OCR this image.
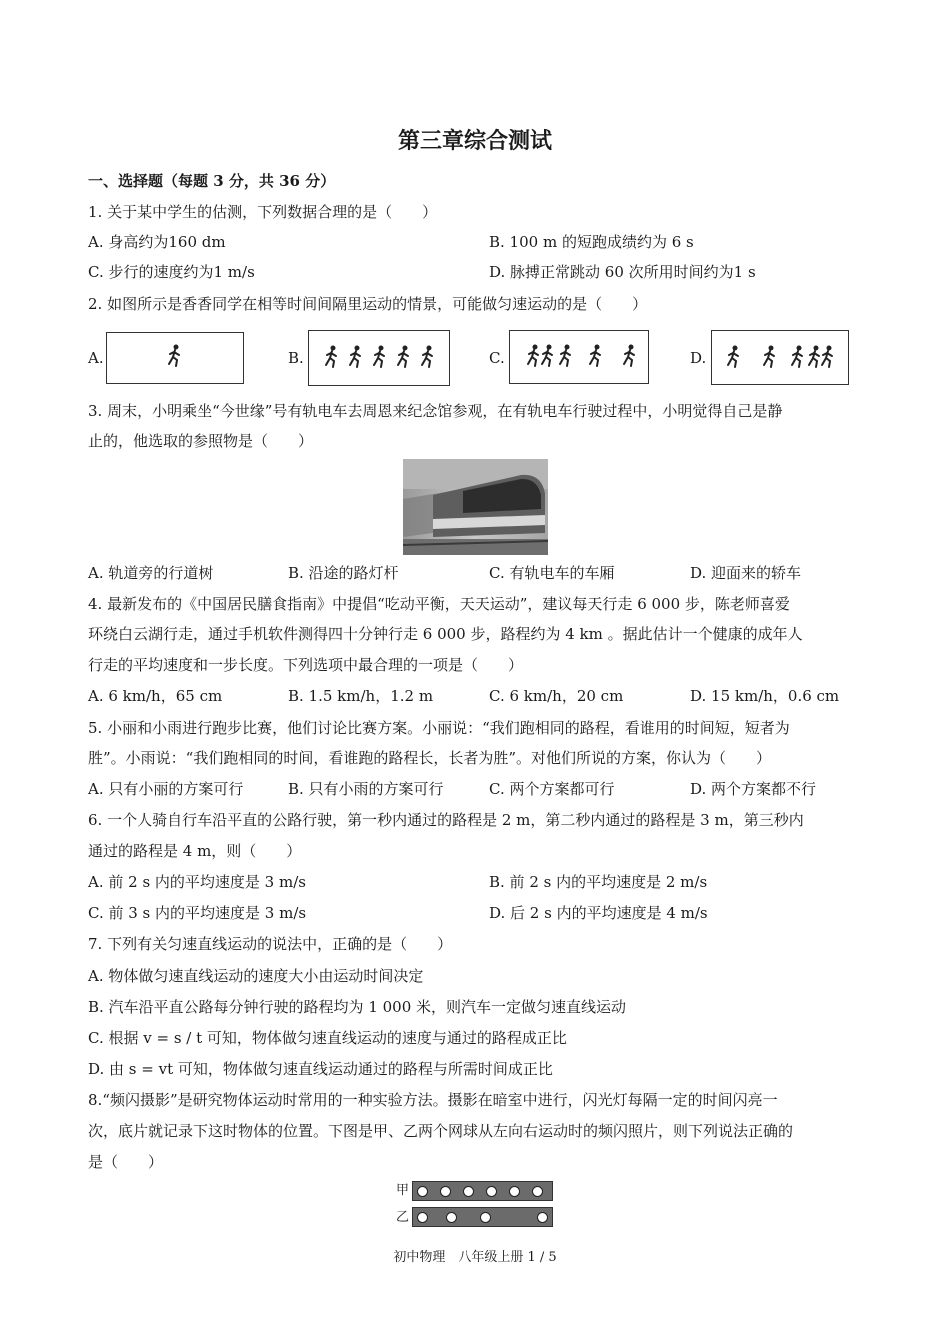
第三章综合测试
一、选择题（每题 3 分，共 36 分）
1. 关于某中学生的估测，下列数据合理的是（　　）
A. 身高约为160 dm	B. 100 m 的短跑成绩约为 6 s
C. 步行的速度约为1 m/s	D. 脉搏正常跳动 60 次所用时间约为1 s
2. 如图所示是香香同学在相等时间间隔里运动的情景，可能做匀速运动的是（　　）
A.	B.	C.	D.
3. 周末，小明乘坐“今世缘”号有轨电车去周恩来纪念馆参观，在有轨电车行驶过程中，小明觉得自己是静
止的，他选取的参照物是（　　）
A. 轨道旁的行道树	B. 沿途的路灯杆	C. 有轨电车的车厢	D. 迎面来的轿车
4. 最新发布的《中国居民膳食指南》中提倡“吃动平衡，天天运动”，建议每天行走 6 000 步，陈老师喜爱
环绕白云湖行走，通过手机软件测得四十分钟行走 6 000 步，路程约为 4 km 。据此估计一个健康的成年人
行走的平均速度和一步长度。下列选项中最合理的一项是（　　）
A. 6 km/h，65 cm	B. 1.5 km/h，1.2 m	C. 6 km/h，20 cm	D. 15 km/h，0.6 cm
5. 小丽和小雨进行跑步比赛，他们讨论比赛方案。小丽说：“我们跑相同的路程，看谁用的时间短，短者为
胜”。小雨说：“我们跑相同的时间，看谁跑的路程长，长者为胜”。对他们所说的方案，你认为（　　）
A. 只有小丽的方案可行	B. 只有小雨的方案可行	C. 两个方案都可行	D. 两个方案都不行
6. 一个人骑自行车沿平直的公路行驶，第一秒内通过的路程是 2 m，第二秒内通过的路程是 3 m，第三秒内
通过的路程是 4 m，则（　　）
A. 前 2 s 内的平均速度是 3 m/s	B. 前 2 s 内的平均速度是 2 m/s
C. 前 3 s 内的平均速度是 3 m/s	D. 后 2 s 内的平均速度是 4 m/s
7. 下列有关匀速直线运动的说法中，正确的是（　　）
A. 物体做匀速直线运动的速度大小由运动时间决定
B. 汽车沿平直公路每分钟行驶的路程均为 1 000 米，则汽车一定做匀速直线运动
C. 根据 v = s / t 可知，物体做匀速直线运动的速度与通过的路程成正比
D. 由 s = vt 可知，物体做匀速直线运动通过的路程与所需时间成正比
8.“频闪摄影”是研究物体运动时常用的一种实验方法。摄影在暗室中进行，闪光灯每隔一定的时间闪亮一
次，底片就记录下这时物体的位置。下图是甲、乙两个网球从左向右运动时的频闪照片，则下列说法正确的
是（　　）
甲
乙
初中物理　八年级上册 1 / 5
